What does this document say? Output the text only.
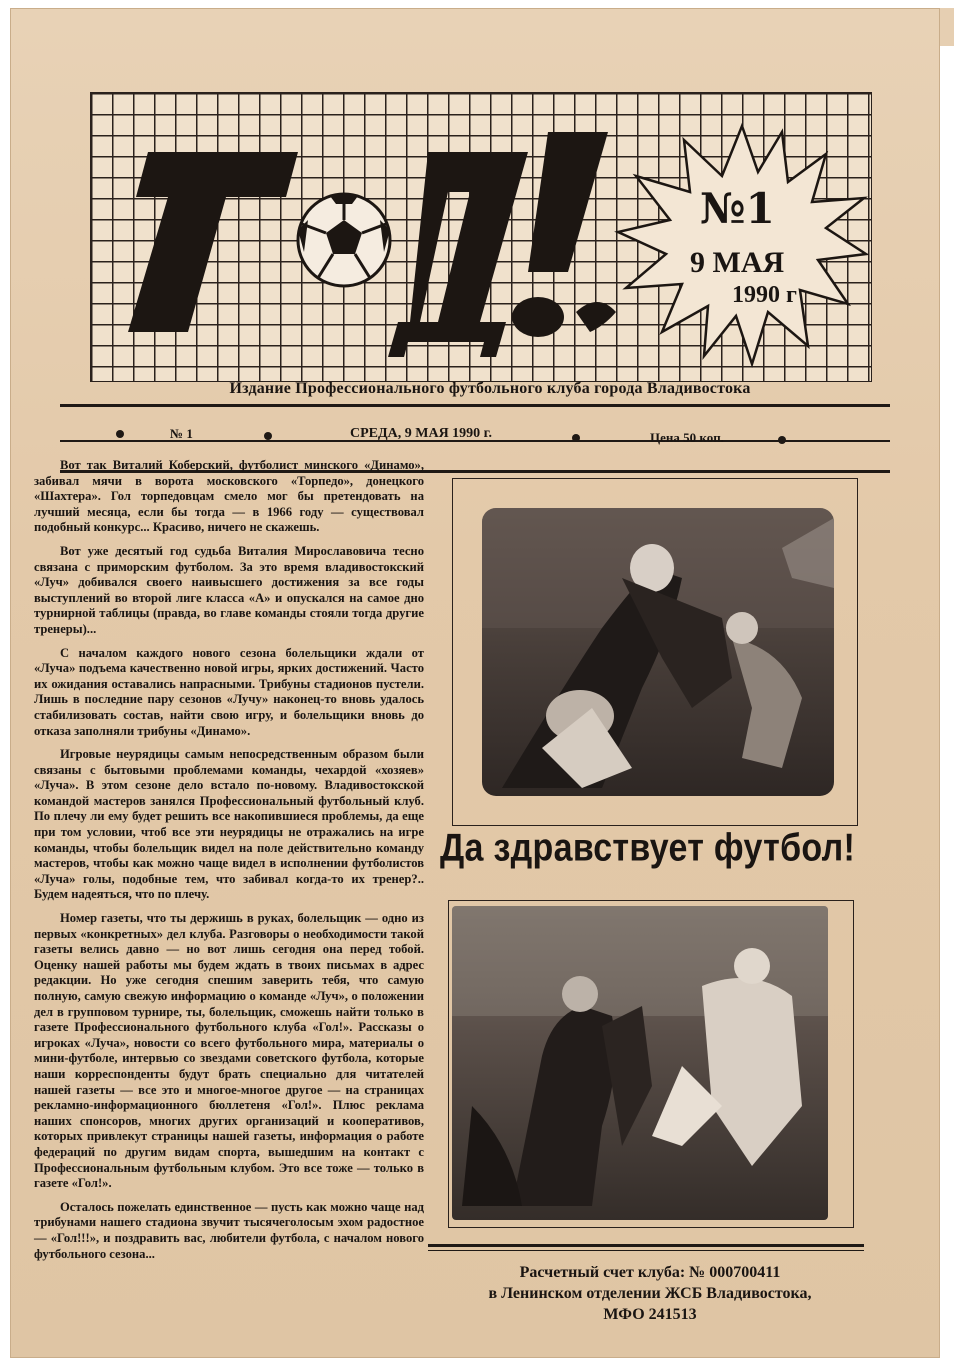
№1
9 МАЯ
1990 г
Издание Профессионального футбольного клуба города Владивостока
№ 1	СРЕДА, 9 МАЯ 1990 г.	Цена 50 коп.

Вот так Виталий Коберский, футболист минского «Динамо», забивал мячи в ворота московского «Торпедо», донецкого «Шахтера». Гол торпедовцам смело мог бы претендовать на лучший месяца, если бы тогда — в 1966 году — существовал подобный конкурс... Красиво, ничего не скажешь.

Вот уже десятый год судьба Виталия Мирославовича тесно связана с приморским футболом. За это время владивостокский «Луч» добивался своего наивысшего достижения за все годы выступлений во второй лиге класса «А» и опускался на самое дно турнирной таблицы (правда, во главе команды стояли тогда другие тренеры)...

С началом каждого нового сезона болельщики ждали от «Луча» подъема качественно новой игры, ярких достижений. Часто их ожидания оставались напрасными. Трибуны стадионов пустели. Лишь в последние пару сезонов «Лучу» наконец-то вновь удалось стабилизовать состав, найти свою игру, и болельщики вновь до отказа заполняли трибуны «Динамо».

Игровые неурядицы самым непосредственным образом были связаны с бытовыми проблемами команды, чехардой «хозяев» «Луча». В этом сезоне дело встало по-новому. Владивостокской командой мастеров занялся Профессиональный футбольный клуб. По плечу ли ему будет решить все накопившиеся проблемы, да еще при том условии, чтоб все эти неурядицы не отражались на игре команды, чтобы болельщик видел на поле действительно команду мастеров, чтобы как можно чаще видел в исполнении футболистов «Луча» голы, подобные тем, что забивал когда-то их тренер?.. Будем надеяться, что по плечу.

Номер газеты, что ты держишь в руках, болельщик — одно из первых «конкретных» дел клуба. Разговоры о необходимости такой газеты велись давно — но вот лишь сегодня она перед тобой. Оценку нашей работы мы будем ждать в твоих письмах в адрес редакции. Но уже сегодня спешим заверить тебя, что самую полную, самую свежую информацию о команде «Луч», о положении дел в групповом турнире, ты, болельщик, сможешь найти только в газете Профессионального футбольного клуба «Гол!». Рассказы о игроках «Луча», новости со всего футбольного мира, материалы о мини-футболе, интервью со звездами советского футбола, которые наши корреспонденты будут брать специально для читателей нашей газеты — все это и многое-многое другое — на страницах рекламно-информационного бюллетеня «Гол!». Плюс реклама наших спонсоров, многих других организаций и кооперативов, которых привлекут страницы нашей газеты, информация о работе федераций по другим видам спорта, вышедшим на контакт с Профессиональным футбольным клубом. Это все тоже — только в газете «Гол!».

Осталось пожелать единственное — пусть как можно чаще над трибунами нашего стадиона звучит тысячеголосым эхом радостное — «Гол!!!», и поздравить вас, любители футбола, с началом нового футбольного сезона...

Да здравствует футбол!
Расчетный счет клуба: № 000700411
в Ленинском отделении ЖСБ Владивостока,
МФО 241513
